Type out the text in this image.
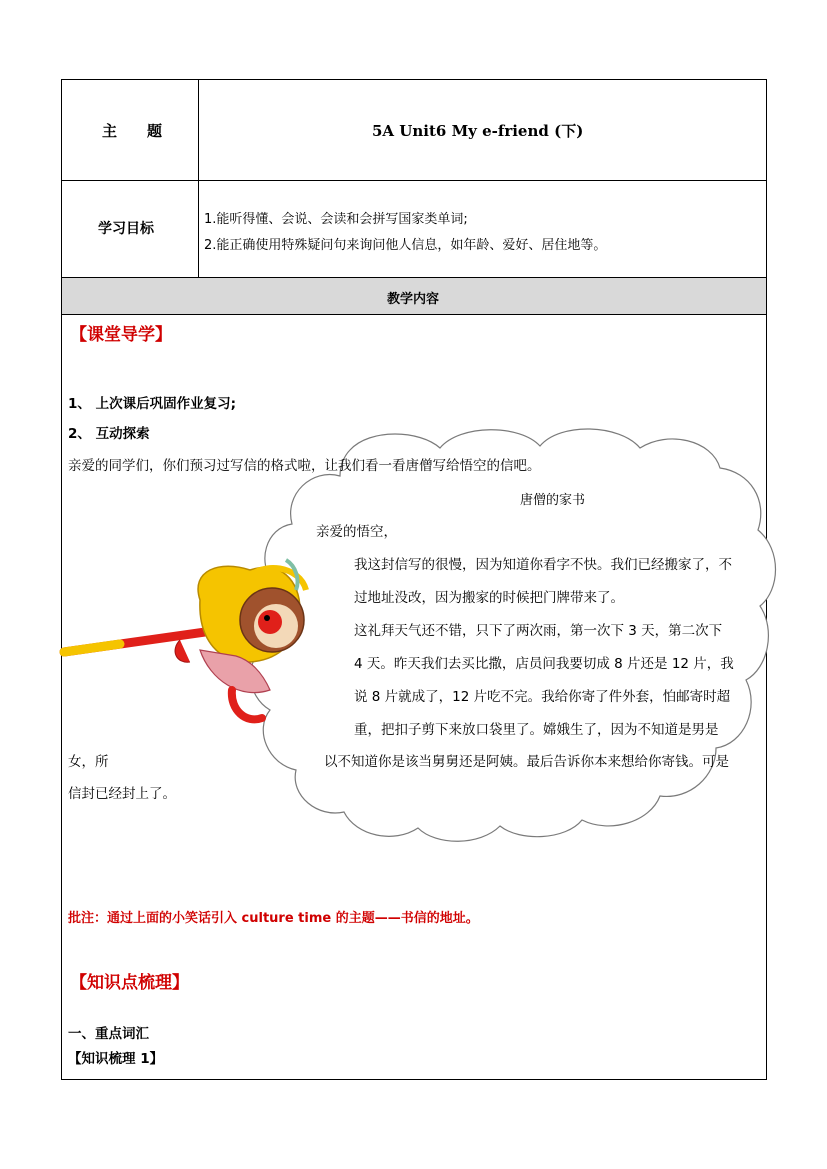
主　　题	5A Unit6 My e-friend (下)
学习目标
1.能听得懂、会说、会读和会拼写国家类单词;
2.能正确使用特殊疑问句来询问他人信息，如年龄、爱好、居住地等。
教学内容
【课堂导学】
1、 上次课后巩固作业复习;
2、 互动探索
亲爱的同学们，你们预习过写信的格式啦，让我们看一看唐僧写给悟空的信吧。
唐僧的家书
亲爱的悟空，
我这封信写的很慢，因为知道你看字不快。我们已经搬家了，不
过地址没改，因为搬家的时候把门牌带来了。
这礼拜天气还不错，只下了两次雨，第一次下 3 天，第二次下
4 天。昨天我们去买比撒，店员问我要切成 8 片还是 12 片，我
说 8 片就成了，12 片吃不完。我给你寄了件外套，怕邮寄时超
重，把扣子剪下来放口袋里了。嫦娥生了，因为不知道是男是
女，所	以不知道你是该当舅舅还是阿姨。最后告诉你本来想给你寄钱。可是
信封已经封上了。
批注：通过上面的小笑话引入 culture time 的主题——书信的地址。
【知识点梳理】
一、重点词汇
【知识梳理 1】
